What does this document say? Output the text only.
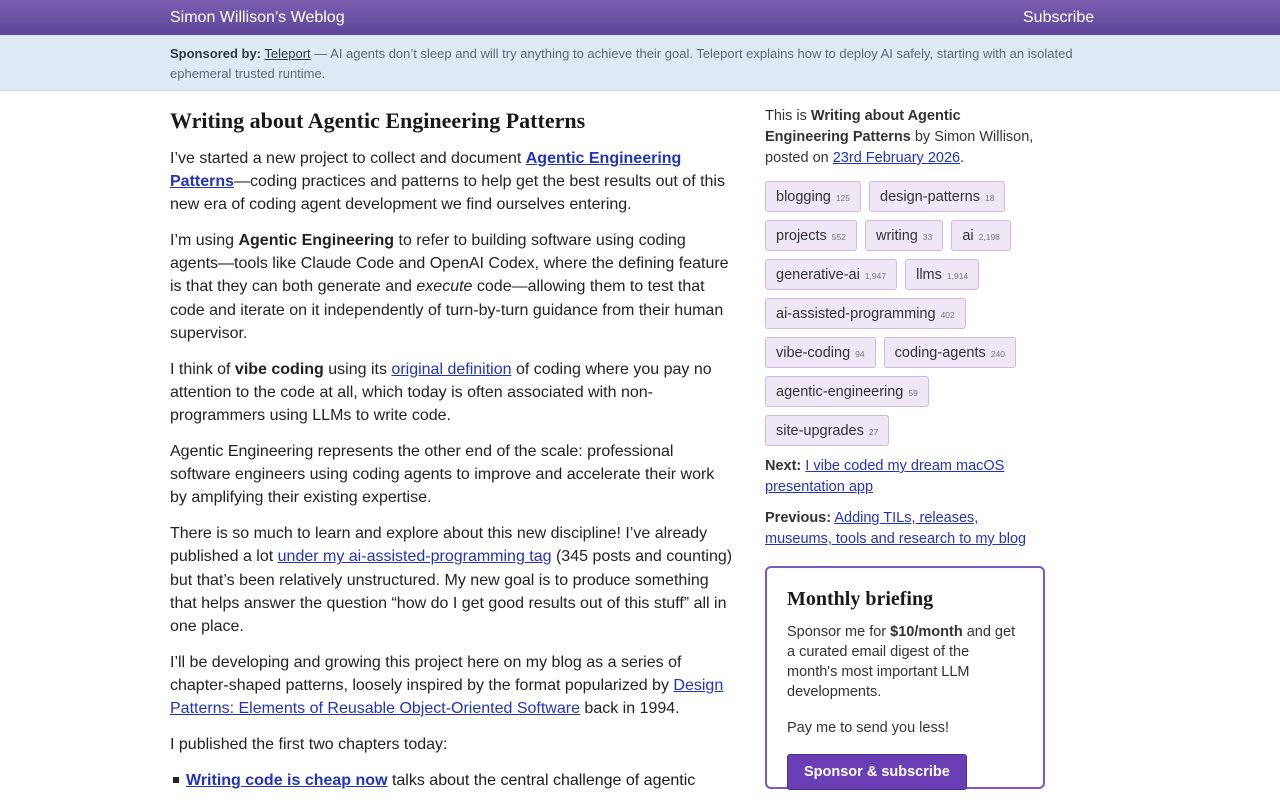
Simon Willison’s Weblog	Subscribe
Sponsored by: Teleport — AI agents don’t sleep and will try anything to achieve their goal. Teleport explains how to deploy AI safely, starting with an isolated ephemeral trusted runtime.
Writing about Agentic Engineering Patterns

I’ve started a new project to collect and document Agentic Engineering Patterns—coding practices and patterns to help get the best results out of this new era of coding agent development we find ourselves entering.

I’m using Agentic Engineering to refer to building software using coding agents—tools like Claude Code and OpenAI Codex, where the defining feature is that they can both generate and execute code—allowing them to test that code and iterate on it independently of turn-by-turn guidance from their human supervisor.

I think of vibe coding using its original definition of coding where you pay no attention to the code at all, which today is often associated with non-programmers using LLMs to write code.

Agentic Engineering represents the other end of the scale: professional software engineers using coding agents to improve and accelerate their work by amplifying their existing expertise.

There is so much to learn and explore about this new discipline! I’ve already published a lot under my ai-assisted-programming tag (345 posts and counting) but that’s been relatively unstructured. My new goal is to produce something that helps answer the question “how do I get good results out of this stuff” all in one place.

I’ll be developing and growing this project here on my blog as a series of chapter-shaped patterns, loosely inspired by the format popularized by Design Patterns: Elements of Reusable Object-Oriented Software back in 1994.

I published the first two chapters today:

Writing code is cheap now talks about the central challenge of agentic
This is Writing about Agentic Engineering Patterns by Simon Willison, posted on 23rd February 2026.
blogging 125 design-patterns 18
projects 552 writing 33 ai 2,198
generative-ai 1,947 llms 1,914
ai-assisted-programming 402
vibe-coding 94 coding-agents 240
agentic-engineering 59
site-upgrades 27
Next: I vibe coded my dream macOS presentation app
Previous: Adding TILs, releases, museums, tools and research to my blog
Monthly briefing

Sponsor me for $10/month and get a curated email digest of the month's most important LLM developments.

Pay me to send you less!

Sponsor & subscribe
